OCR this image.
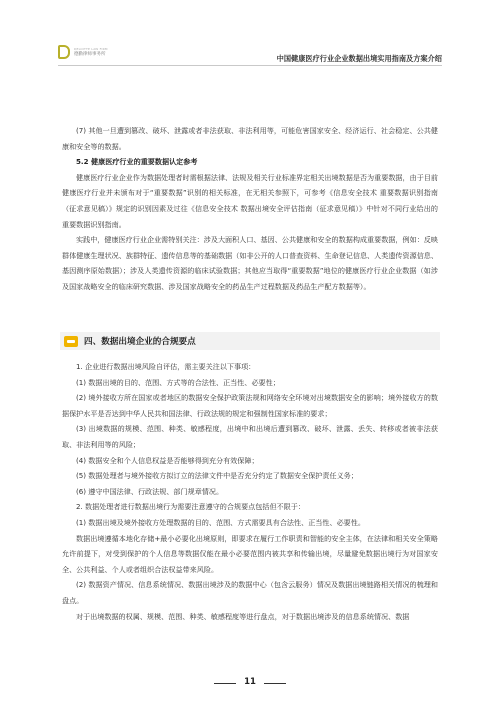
DELOITTE LAW FIRM
德勤律师事务所	中国健康医疗行业企业数据出境实用指南及方案介绍

(7) 其他一旦遭到篡改、破坏、泄露或者非法获取、非法利用等，可能危害国家安全、经济运行、社会稳定、公共健康和安全等的数据。

5.2 健康医疗行业的重要数据认定参考

健康医疗行业企业作为数据处理者时需根据法律、法规及相关行业标准界定相关出境数据是否为重要数据，由于目前健康医疗行业并未颁布对于“重要数据”识别的相关标准，在无相关参照下，可参考《信息安全技术 重要数据识别指南（征求意见稿）》规定的识别因素及过往《信息安全技术 数据出境安全评估指南（征求意见稿）》中针对不同行业给出的重要数据识别指南。

实践中，健康医疗行业企业需特别关注：涉及大面积人口、基因、公共健康和安全的数据构成重要数据，例如：反映群体健康生理状况、族群特征、遗传信息等的基础数据（如非公开的人口普查资料、生命登记信息、人类遗传资源信息、基因测序原始数据）；涉及人类遗传资源的临床试验数据；其他应当取得“重要数据”地位的健康医疗行业企业数据（如涉及国家战略安全的临床研究数据、涉及国家战略安全的药品生产过程数据及药品生产配方数据等）。

四、数据出境企业的合规要点

1. 企业进行数据出境风险自评估，需主要关注以下事项：

(1) 数据出境的目的、范围、方式等的合法性、正当性、必要性；

(2) 境外接收方所在国家或者地区的数据安全保护政策法规和网络安全环境对出境数据安全的影响；境外接收方的数据保护水平是否达到中华人民共和国法律、行政法规的规定和强制性国家标准的要求；

(3) 出境数据的规模、范围、种类、敏感程度，出境中和出境后遭到篡改、破坏、泄露、丢失、转移或者被非法获取、非法利用等的风险；

(4) 数据安全和个人信息权益是否能够得到充分有效保障；

(5) 数据处理者与境外接收方拟订立的法律文件中是否充分约定了数据安全保护责任义务；

(6) 遵守中国法律、行政法规、部门规章情况。

2. 数据处理者进行数据出境行为需要注意遵守的合规要点包括但不限于：

(1) 数据出境及境外接收方处理数据的目的、范围、方式需要具有合法性、正当性、必要性。

数据出境遵循本地化存储+最小必要化出境原则，即要求在履行工作职责和智能的安全主体，在法律和相关安全策略允许前提下，对受到保护的个人信息等数据仅能在最小必要范围内被共享和传输出境，尽量避免数据出境行为对国家安全、公共利益、个人或者组织合法权益带来风险。

(2) 数据资产情况、信息系统情况、数据出境涉及的数据中心（包含云服务）情况及数据出境链路相关情况的梳理和盘点。

对于出境数据的权属、规模、范围、种类、敏感程度等进行盘点，对于数据出境涉及的信息系统情况、数据

11
